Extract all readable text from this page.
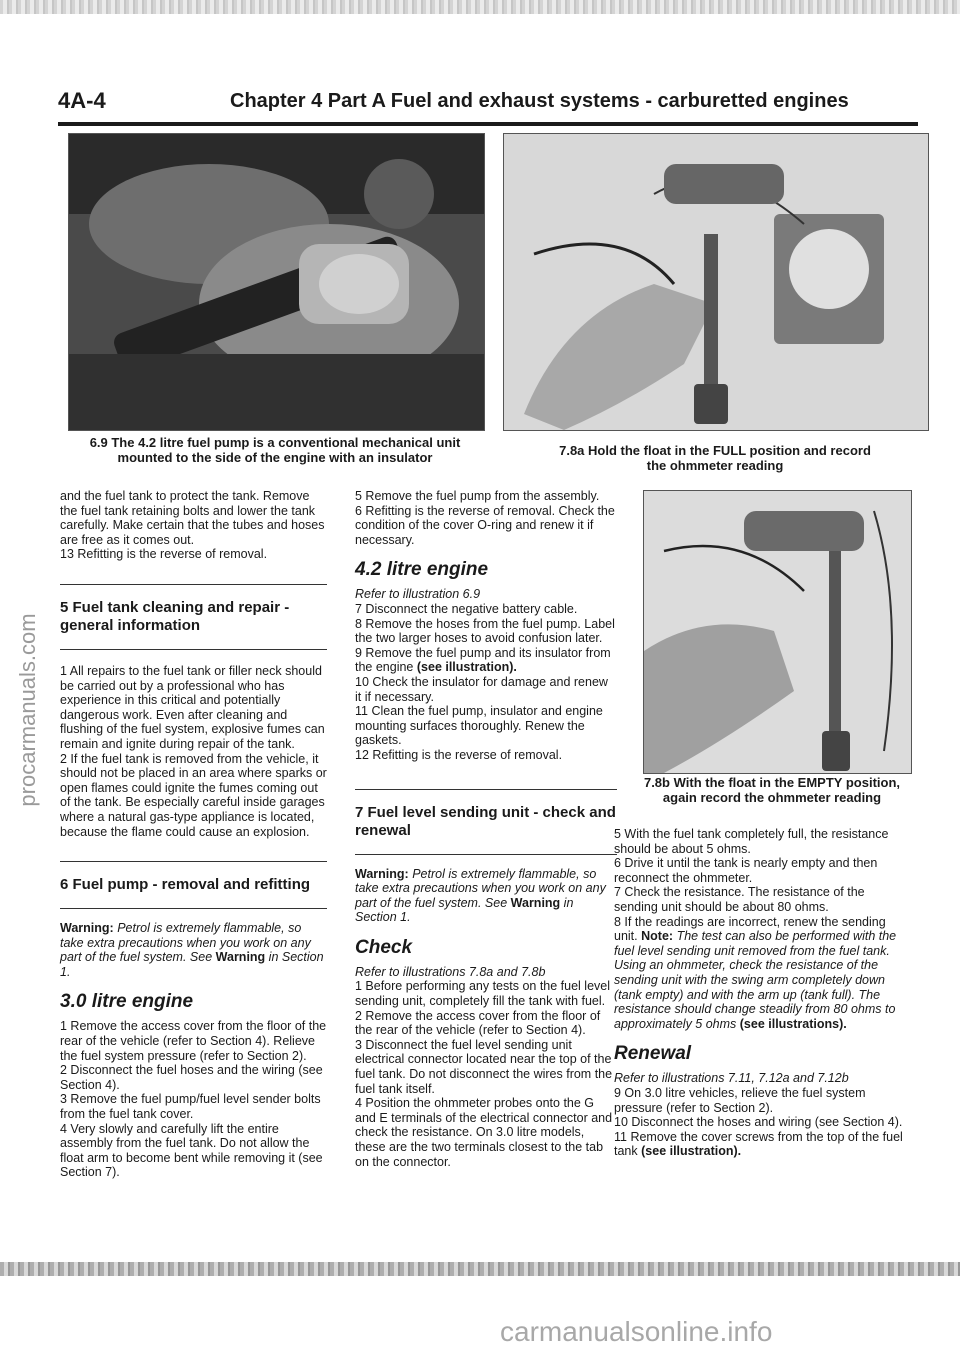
4A-4	Chapter 4 Part A Fuel and exhaust systems - carburetted engines
6.9 The 4.2 litre fuel pump is a conventional mechanical unit
mounted to the side of the engine with an insulator	7.8a Hold the float in the FULL position and record
the ohmmeter reading

and the fuel tank to protect the tank. Remove the fuel tank retaining bolts and lower the tank carefully. Make certain that the tubes and hoses are free as it comes out.

13 Refitting is the reverse of removal.

5 Fuel tank cleaning and repair - general information

1 All repairs to the fuel tank or filler neck should be carried out by a professional who has experience in this critical and potentially dangerous work. Even after cleaning and flushing of the fuel system, explosive fumes can remain and ignite during repair of the tank.

2 If the fuel tank is removed from the vehicle, it should not be placed in an area where sparks or open flames could ignite the fumes coming out of the tank. Be especially careful inside garages where a natural gas-type appliance is located, because the flame could cause an explosion.

6 Fuel pump - removal and refitting

Warning: Petrol is extremely flammable, so take extra precautions when you work on any part of the fuel system. See Warning in Section 1.

3.0 litre engine

1 Remove the access cover from the floor of the rear of the vehicle (refer to Section 4). Relieve the fuel system pressure (refer to Section 2).

2 Disconnect the fuel hoses and the wiring (see Section 4).

3 Remove the fuel pump/fuel level sender bolts from the fuel tank cover.

4 Very slowly and carefully lift the entire assembly from the fuel tank. Do not allow the float arm to become bent while removing it (see Section 7).

5 Remove the fuel pump from the assembly.

6 Refitting is the reverse of removal. Check the condition of the cover O-ring and renew it if necessary.

4.2 litre engine

Refer to illustration 6.9

7 Disconnect the negative battery cable.

8 Remove the hoses from the fuel pump. Label the two larger hoses to avoid confusion later.

9 Remove the fuel pump and its insulator from the engine (see illustration).

10 Check the insulator for damage and renew it if necessary.

11 Clean the fuel pump, insulator and engine mounting surfaces thoroughly. Renew the gaskets.

12 Refitting is the reverse of removal.

7 Fuel level sending unit - check and renewal

Warning: Petrol is extremely flammable, so take extra precautions when you work on any part of the fuel system. See Warning in Section 1.

Check

Refer to illustrations 7.8a and 7.8b

1 Before performing any tests on the fuel level sending unit, completely fill the tank with fuel.

2 Remove the access cover from the floor of the rear of the vehicle (refer to Section 4).

3 Disconnect the fuel level sending unit electrical connector located near the top of the fuel tank. Do not disconnect the wires from the fuel tank itself.

4 Position the ohmmeter probes onto the G and E terminals of the electrical connector and check the resistance. On 3.0 litre models, these are the two terminals closest to the tab on the connector.

7.8b With the float in the EMPTY position,
again record the ohmmeter reading

5 With the fuel tank completely full, the resistance should be about 5 ohms.

6 Drive it until the tank is nearly empty and then reconnect the ohmmeter.

7 Check the resistance. The resistance of the sending unit should be about 80 ohms.

8 If the readings are incorrect, renew the sending unit. Note: The test can also be performed with the fuel level sending unit removed from the fuel tank. Using an ohmmeter, check the resistance of the sending unit with the swing arm completely down (tank empty) and with the arm up (tank full). The resistance should change steadily from 80 ohms to approximately 5 ohms (see illustrations).

Renewal

Refer to illustrations 7.11, 7.12a and 7.12b

9 On 3.0 litre vehicles, relieve the fuel system pressure (refer to Section 2).

10 Disconnect the hoses and wiring (see Section 4).

11 Remove the cover screws from the top of the fuel tank (see illustration).

procarmanuals.com
carmanualsonline.info
